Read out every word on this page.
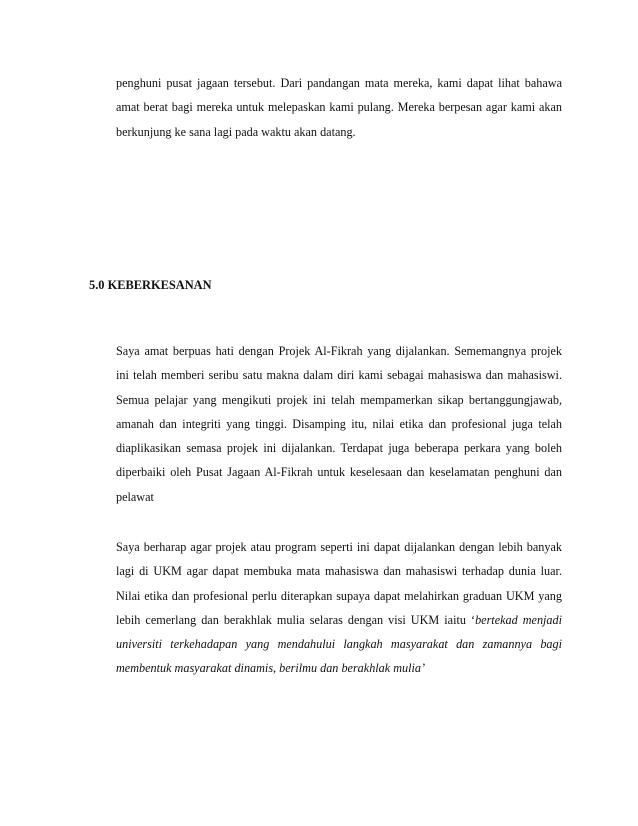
penghuni pusat jagaan tersebut. Dari pandangan mata mereka, kami dapat lihat bahawa
amat berat bagi mereka untuk melepaskan kami pulang. Mereka berpesan agar kami akan
berkunjung ke sana lagi pada waktu akan datang.
5.0 KEBERKESANAN
Saya amat berpuas hati dengan Projek Al-Fikrah yang dijalankan. Sememangnya projek
ini telah memberi seribu satu makna dalam diri kami sebagai mahasiswa dan mahasiswi.
Semua pelajar yang mengikuti projek ini telah mempamerkan sikap bertanggungjawab,
amanah dan integriti yang tinggi. Disamping itu, nilai etika dan profesional juga telah
diaplikasikan semasa projek ini dijalankan. Terdapat juga beberapa perkara yang boleh
diperbaiki oleh Pusat Jagaan Al-Fikrah untuk keselesaan dan keselamatan penghuni dan
pelawat
Saya berharap agar projek atau program seperti ini dapat dijalankan dengan lebih banyak
lagi di UKM agar dapat membuka mata mahasiswa dan mahasiswi terhadap dunia luar.
Nilai etika dan profesional perlu diterapkan supaya dapat melahirkan graduan UKM yang
lebih cemerlang dan berakhlak mulia selaras dengan visi UKM iaitu ‘bertekad menjadi
universiti terkehadapan yang mendahului langkah masyarakat dan zamannya bagi
membentuk masyarakat dinamis, berilmu dan berakhlak mulia’
